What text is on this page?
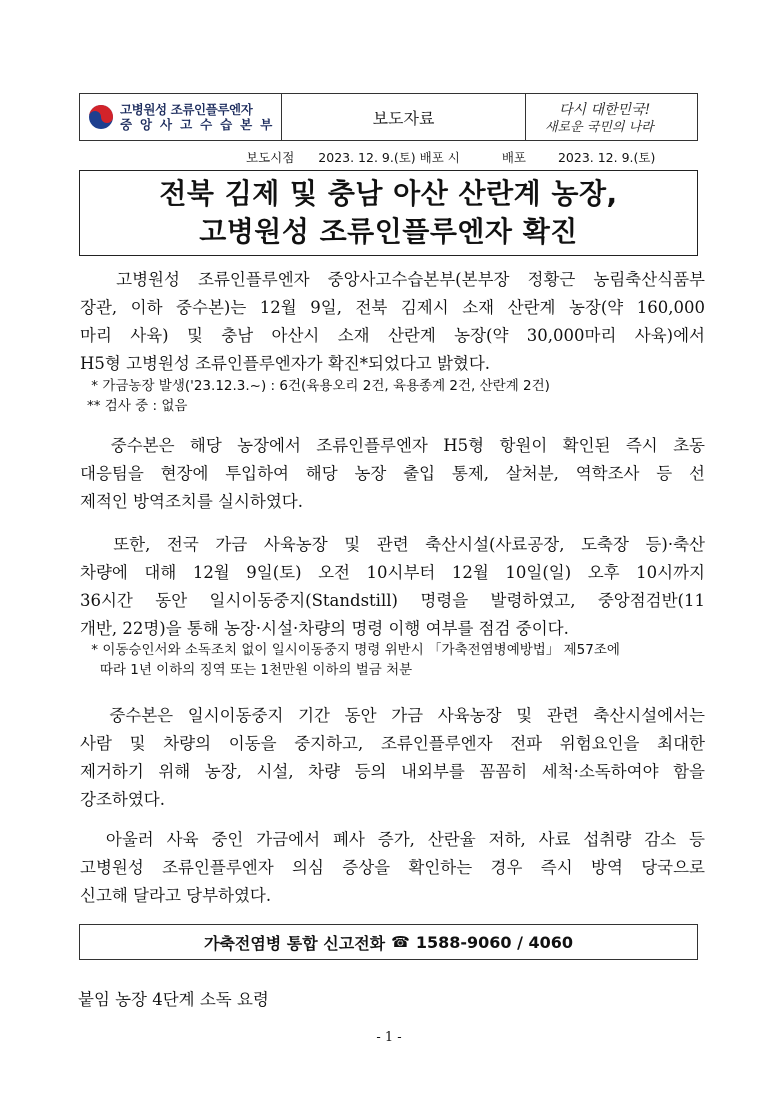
고병원성 조류인플루엔자
중 앙 사 고 수 습 본 부	보도자료	다시 대한민국!
새로운 국민의 나라
보도시점 2023. 12. 9.(토) 배포 시	배포	2023. 12. 9.(토)
전북 김제 및 충남 아산 산란계 농장,
고병원성 조류인플루엔자 확진
고병원성 조류인플루엔자 중앙사고수습본부(본부장 정황근 농림축산식품부
장관, 이하 중수본)는 12월 9일, 전북 김제시 소재 산란계 농장(약 160,000
마리 사육) 및 충남 아산시 소재 산란계 농장(약 30,000마리 사육)에서
H5형 고병원성 조류인플루엔자가 확진*되었다고 밝혔다.
* 가금농장 발생('23.12.3.~) : 6건(육용오리 2건, 육용종계 2건, 산란계 2건)
** 검사 중 : 없음
중수본은 해당 농장에서 조류인플루엔자 H5형 항원이 확인된 즉시 초동
대응팀을 현장에 투입하여 해당 농장 출입 통제, 살처분, 역학조사 등 선
제적인 방역조치를 실시하였다.
또한, 전국 가금 사육농장 및 관련 축산시설(사료공장, 도축장 등)·축산
차량에 대해 12월 9일(토) 오전 10시부터 12월 10일(일) 오후 10시까지
36시간 동안 일시이동중지(Standstill) 명령을 발령하였고, 중앙점검반(11
개반, 22명)을 통해 농장·시설·차량의 명령 이행 여부를 점검 중이다.
* 이동승인서와 소독조치 없이 일시이동중지 명령 위반시 「가축전염병예방법」 제57조에
따라 1년 이하의 징역 또는 1천만원 이하의 벌금 처분
중수본은 일시이동중지 기간 동안 가금 사육농장 및 관련 축산시설에서는
사람 및 차량의 이동을 중지하고, 조류인플루엔자 전파 위험요인을 최대한
제거하기 위해 농장, 시설, 차량 등의 내외부를 꼼꼼히 세척·소독하여야 함을
강조하였다.
아울러 사육 중인 가금에서 폐사 증가, 산란율 저하, 사료 섭취량 감소 등
고병원성 조류인플루엔자 의심 증상을 확인하는 경우 즉시 방역 당국으로
신고해 달라고 당부하였다.
가축전염병 통합 신고전화 ☎ 1588-9060 / 4060
붙임 농장 4단계 소독 요령
- 1 -
